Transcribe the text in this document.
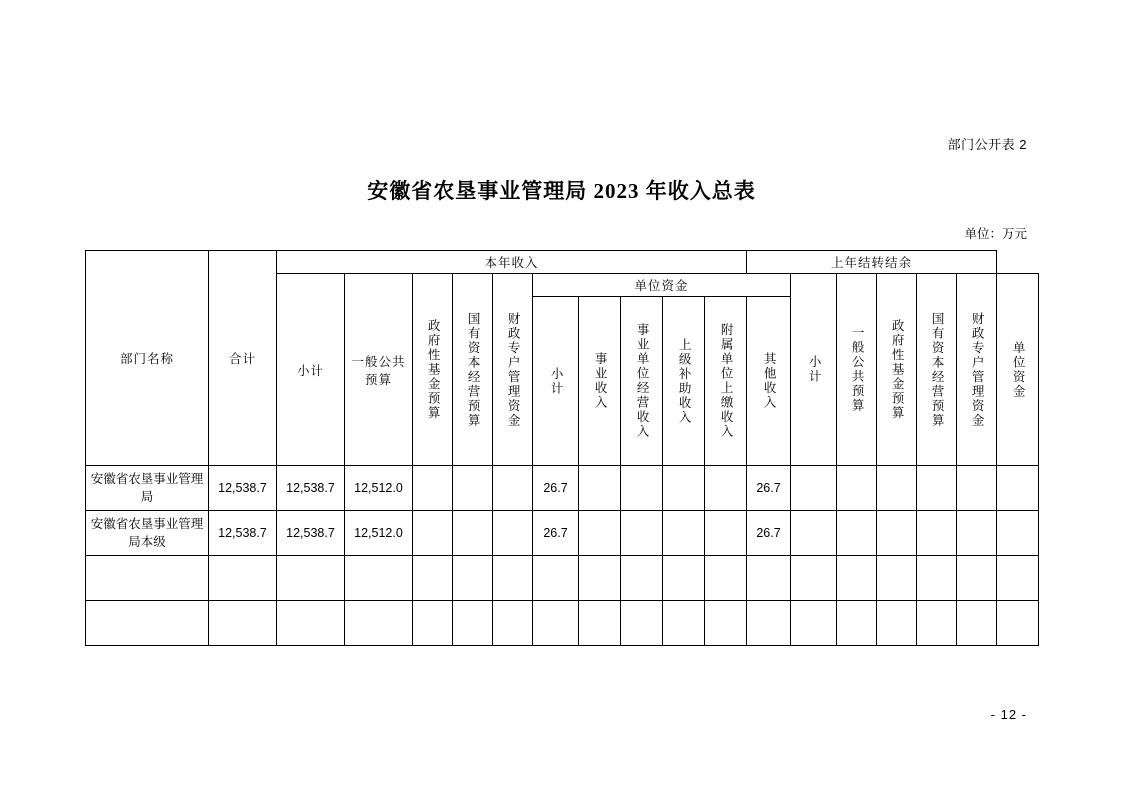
部门公开表 2
安徽省农垦事业管理局 2023 年收入总表
单位：万元
部门名称	合计	本年收入										上年结转结余						
		小计	一般公共预算	政府性基金预算	国有资本经营预算	财政专户管理资金	单位资金						小计	一般公共预算	政府性基金预算	国有资本经营预算	财政专户管理资金	单位资金

							小计	事业收入	事业单位经营收入	上级补助收入	附属单位上缴收入	其他收入						

安徽省农垦事业管理局	12,538.7	12,538.7	12,512.0				26.7					26.7						
安徽省农垦事业管理局本级	12,538.7	12,538.7	12,512.0				26.7					26.7						

- 12 -
